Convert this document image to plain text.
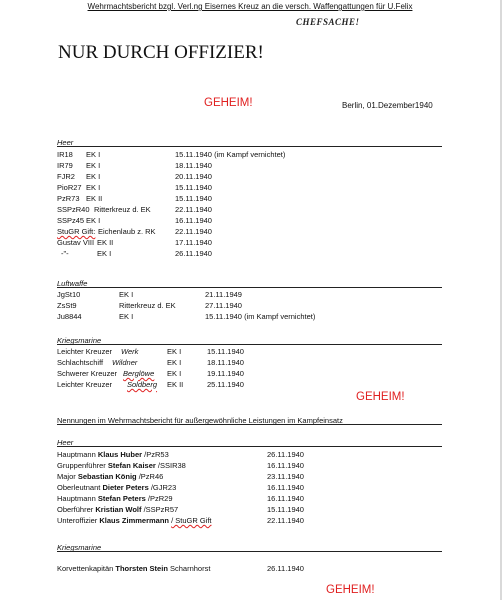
Wehrmachtsbericht bzgl. Verl.ng Eisernes Kreuz an die versch. Waffengattungen für U.Felix
CHEFSACHE!
NUR DURCH OFFIZIER!
GEHEIM!	Berlin, 01.Dezember1940
Heer
IR18 EK I	15.11.1940 (im Kampf vernichtet)
IR79 EK I	18.11.1940
FJR2 EK I	20.11.1940
PioR27 EK I	15.11.1940
PzR73 EK II	15.11.1940
SSPzR40 Ritterkreuz d. EK	22.11.1940
SSPz45 EK I	16.11.1940
StuGR Gift: Eichenlaub z. RK	22.11.1940
Gustav VIII EK II	17.11.1940
-"-	EK I	26.11.1940
Luftwaffe
JgSt10	EK I	21.11.1949
ZsSt9	Ritterkreuz d. EK	27.11.1940
Ju8844	EK I	15.11.1940 (im Kampf vernichtet)
Kriegsmarine
Leichter Kreuzer Werk	EK I	15.11.1940
Schlachtschiff Wildner	EK I	18.11.1940
Schwerer Kreuzer Berglöwe EK I	19.11.1940
Leichter Kreuzer Soldberg EK II	25.11.1940
GEHEIM!
Nennungen im Wehrmachtsbericht für außergewöhnliche Leistungen im Kampfeinsatz
Heer
Hauptmann Klaus Huber /PzR53	26.11.1940
Gruppenführer Stefan Kaiser /SSIR38	16.11.1940
Major Sebastian König /PzR46	23.11.1940
Oberleutnant Dieter Peters /GJR23	16.11.1940
Hauptmann Stefan Peters /PzR29	16.11.1940
Oberführer Kristian Wolf /SSPzR57	15.11.1940
Unteroffizier Klaus Zimmermann / StuGR Gift	22.11.1940
Kriegsmarine
Korvettenkapitän Thorsten Stein Scharnhorst	26.11.1940
GEHEIM!
